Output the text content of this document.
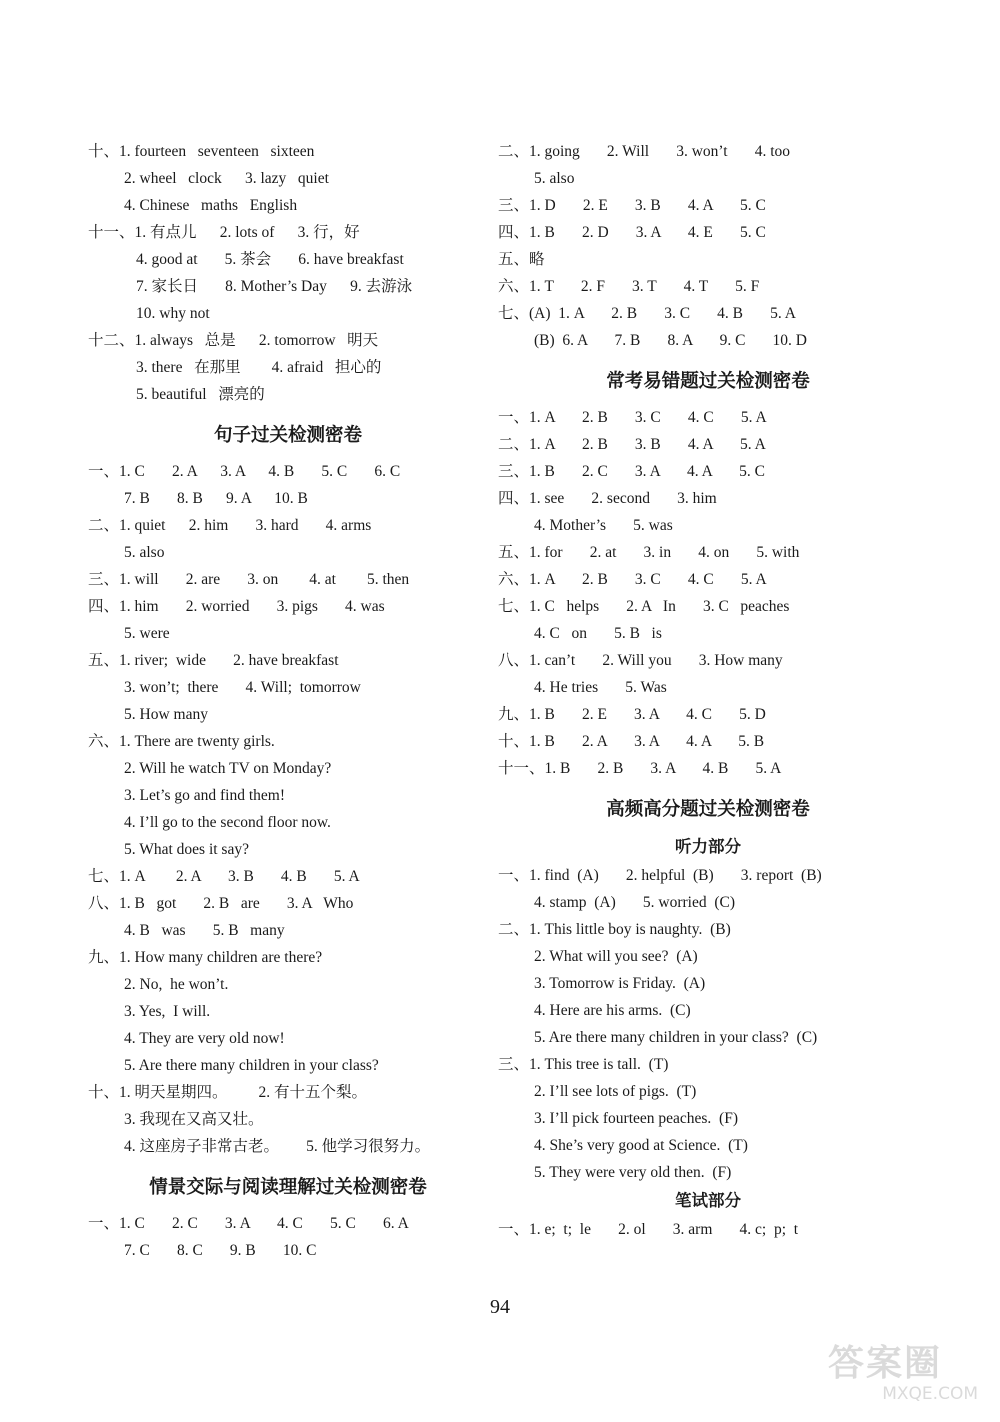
十、1. fourteen   seventeen   sixteen
2. wheel   clock      3. lazy   quiet
4. Chinese   maths   English
十一、1. 有点儿      2. lots of      3. 行，好
4. good at       5. 茶会       6. have breakfast
7. 家长日       8. Mother’s Day      9. 去游泳
10. why not
十二、1. always   总是      2. tomorrow   明天
3. there   在那里        4. afraid   担心的
5. beautiful   漂亮的
句子过关检测密卷
一、1. C       2. A      3. A      4. B       5. C       6. C
7. B       8. B      9. A      10. B
二、1. quiet      2. him       3. hard       4. arms
5. also
三、1. will       2. are       3. on        4. at        5. then
四、1. him       2. worried       3. pigs       4. was
5. were
五、1. river;  wide       2. have breakfast
3. won’t;  there       4. Will;  tomorrow
5. How many
六、1. There are twenty girls.
2. Will he watch TV on Monday?
3. Let’s go and find them!
4. I’ll go to the second floor now.
5. What does it say?
七、1. A        2. A       3. B       4. B       5. A
八、1. B   got       2. B   are       3. A   Who
4. B   was       5. B   many
九、1. How many children are there?
2. No,  he won’t.
3. Yes,  I will.
4. They are very old now!
5. Are there many children in your class?
十、1. 明天星期四。        2. 有十五个梨。
3. 我现在又高又壮。
4. 这座房子非常古老。       5. 他学习很努力。
情景交际与阅读理解过关检测密卷
一、1. C       2. C       3. A       4. C       5. C       6. A
7. C       8. C       9. B       10. C
二、1. going       2. Will       3. won’t       4. too
5. also
三、1. D       2. E       3. B       4. A       5. C
四、1. B       2. D       3. A       4. E       5. C
五、略
六、1. T       2. F       3. T       4. T       5. F
七、(A)  1. A       2. B       3. C       4. B       5. A
(B)  6. A       7. B       8. A       9. C       10. D
常考易错题过关检测密卷
一、1. A       2. B       3. C       4. C       5. A
二、1. A       2. B       3. B       4. A       5. A
三、1. B       2. C       3. A       4. A       5. C
四、1. see       2. second       3. him
4. Mother’s       5. was
五、1. for       2. at       3. in       4. on       5. with
六、1. A       2. B       3. C       4. C       5. A
七、1. C   helps       2. A   In       3. C   peaches
4. C   on       5. B   is
八、1. can’t       2. Will you       3. How many
4. He tries       5. Was
九、1. B       2. E       3. A       4. C       5. D
十、1. B       2. A       3. A       4. A       5. B
十一、1. B       2. B       3. A       4. B       5. A
高频高分题过关检测密卷
听力部分
一、1. find  (A)       2. helpful  (B)       3. report  (B)
4. stamp  (A)       5. worried  (C)
二、1. This little boy is naughty.  (B)
2. What will you see?  (A)
3. Tomorrow is Friday.  (A)
4. Here are his arms.  (C)
5. Are there many children in your class?  (C)
三、1. This tree is tall.  (T)
2. I’ll see lots of pigs.  (T)
3. I’ll pick fourteen peaches.  (F)
4. She’s very good at Science.  (T)
5. They were very old then.  (F)
笔试部分
一、1. e;  t;  le       2. ol       3. arm       4. c;  p;  t
94
答案圈
MXQE.COM
